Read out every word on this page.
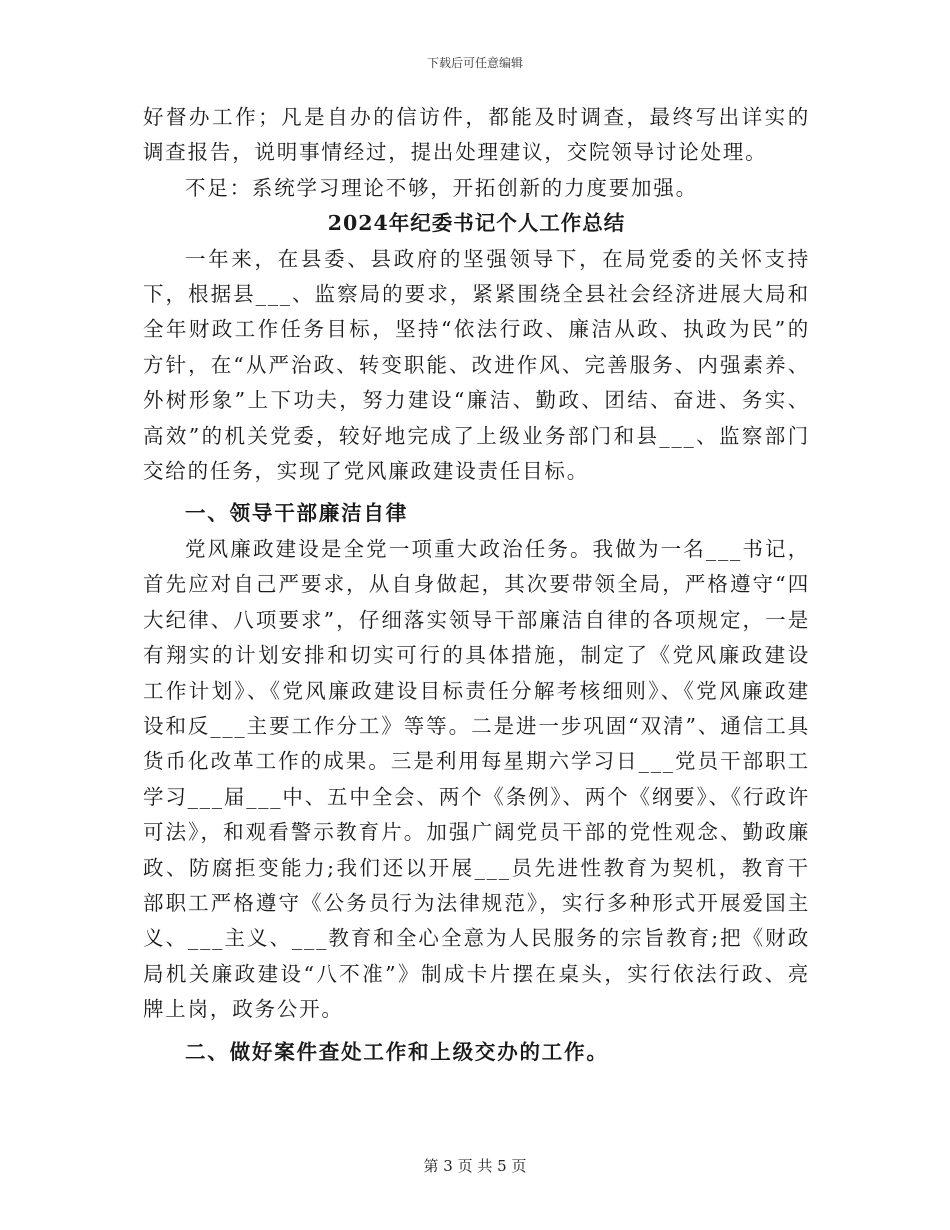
下载后可任意编辑

好督办工作；凡是自办的信访件，都能及时调查，最终写出详实的调查报告，说明事情经过，提出处理建议，交院领导讨论处理。

不足：系统学习理论不够，开拓创新的力度要加强。

2024年纪委书记个人工作总结

一年来，在县委、县政府的坚强领导下，在局党委的关怀支持下，根据县___、监察局的要求，紧紧围绕全县社会经济进展大局和全年财政工作任务目标，坚持“依法行政、廉洁从政、执政为民”的方针，在“从严治政、转变职能、改进作风、完善服务、内强素养、外树形象”上下功夫，努力建设“廉洁、勤政、团结、奋进、务实、高效”的机关党委，较好地完成了上级业务部门和县___、监察部门交给的任务，实现了党风廉政建设责任目标。

一、领导干部廉洁自律

党风廉政建设是全党一项重大政治任务。我做为一名___书记，首先应对自己严要求，从自身做起，其次要带领全局，严格遵守“四大纪律、八项要求”，仔细落实领导干部廉洁自律的各项规定，一是有翔实的计划安排和切实可行的具体措施，制定了《党风廉政建设工作计划》、《党风廉政建设目标责任分解考核细则》、《党风廉政建设和反___主要工作分工》等等。二是进一步巩固“双清”、通信工具货币化改革工作的成果。三是利用每星期六学习日___党员干部职工学习___届___中、五中全会、两个《条例》、两个《纲要》、《行政许可法》，和观看警示教育片。加强广阔党员干部的党性观念、勤政廉政、防腐拒变能力;我们还以开展___员先进性教育为契机，教育干部职工严格遵守《公务员行为法律规范》，实行多种形式开展爱国主义、___主义、___教育和全心全意为人民服务的宗旨教育;把《财政局机关廉政建设“八不准”》制成卡片摆在桌头，实行依法行政、亮牌上岗，政务公开。

二、做好案件查处工作和上级交办的工作。
第 3 页 共 5 页
